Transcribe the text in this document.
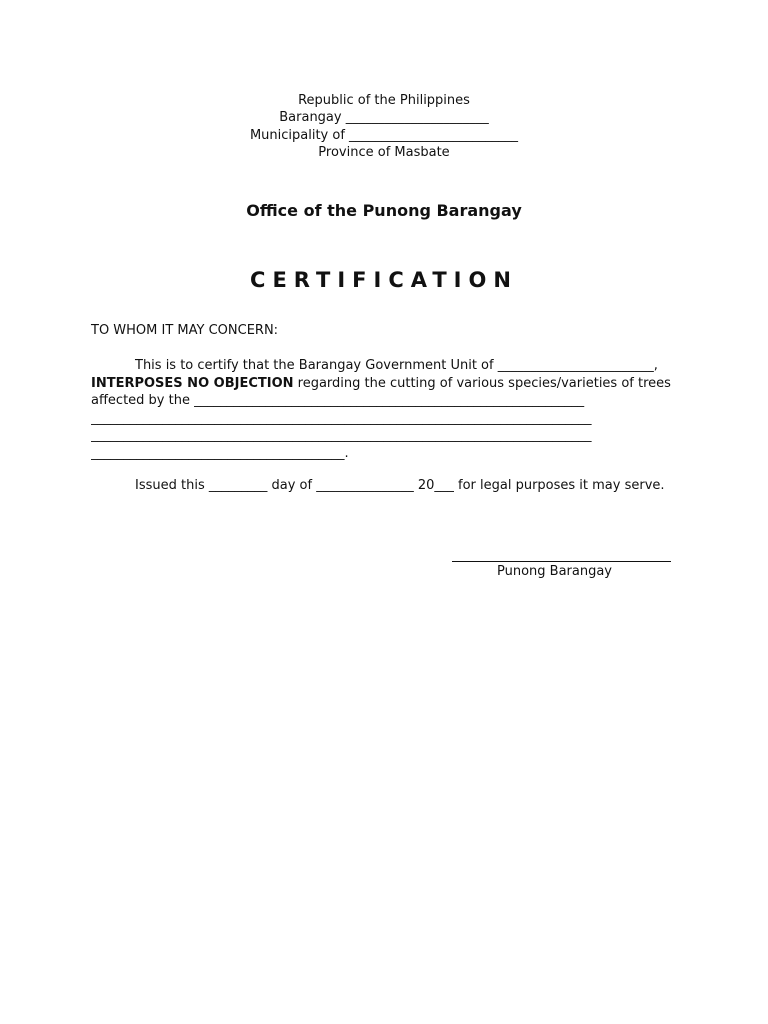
Republic of the Philippines
Barangay ______________________
Municipality of __________________________
Province of Masbate
Office of the Punong Barangay
CERTIFICATION
TO WHOM IT MAY CONCERN:
This is to certify that the Barangay Government Unit of ________________________,
INTERPOSES NO OBJECTION regarding the cutting of various species/varieties of trees
affected by the ____________________________________________________________
_____________________________________________________________________________
_____________________________________________________________________________
_______________________________________.
Issued this _________ day of _______________ 20___ for legal purposes it may serve.
Punong Barangay
